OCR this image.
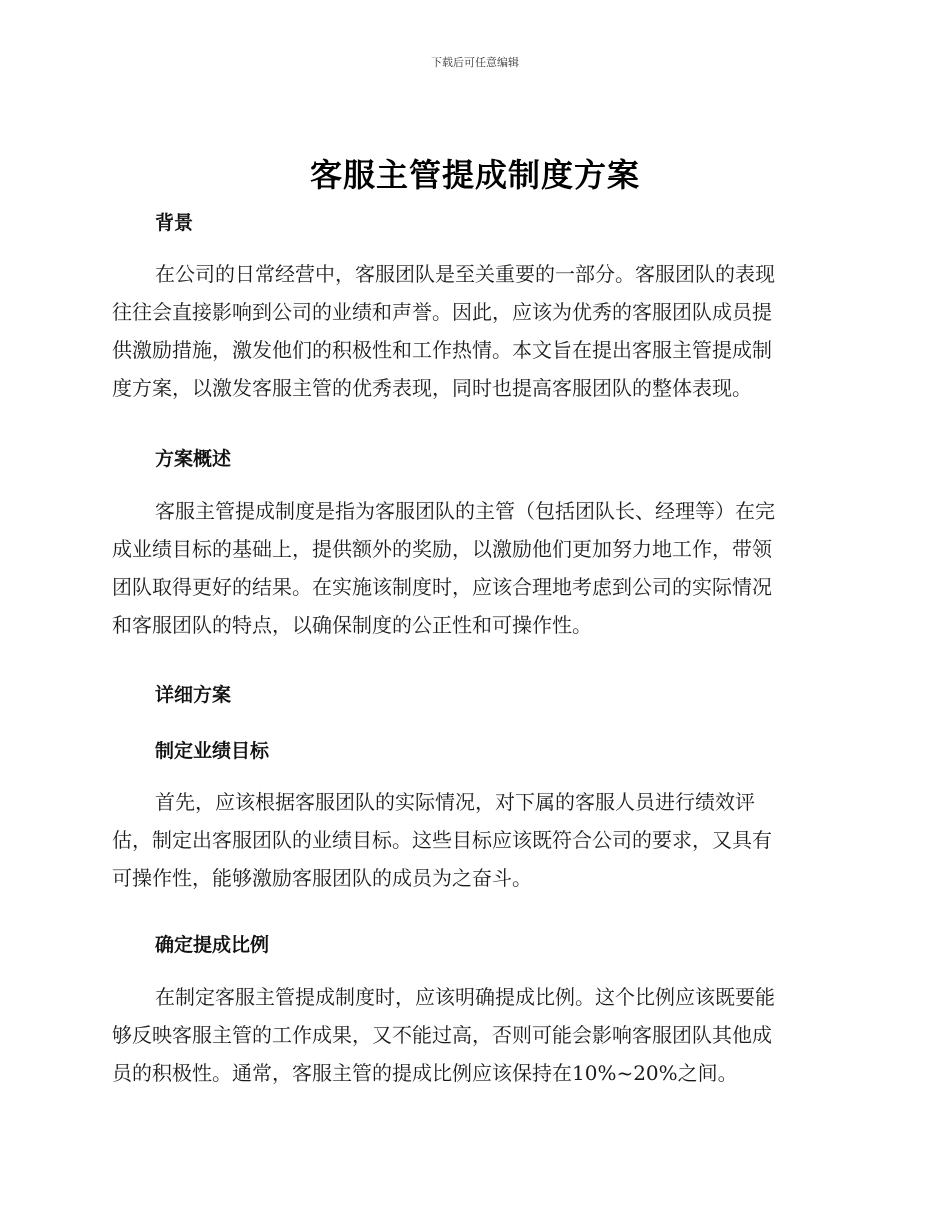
下载后可任意编辑
客服主管提成制度方案
背景

在公司的日常经营中，客服团队是至关重要的一部分。客服团队的表现
往往会直接影响到公司的业绩和声誉。因此，应该为优秀的客服团队成员提
供激励措施，激发他们的积极性和工作热情。本文旨在提出客服主管提成制
度方案，以激发客服主管的优秀表现，同时也提高客服团队的整体表现。

方案概述

客服主管提成制度是指为客服团队的主管（包括团队长、经理等）在完
成业绩目标的基础上，提供额外的奖励，以激励他们更加努力地工作，带领
团队取得更好的结果。在实施该制度时，应该合理地考虑到公司的实际情况
和客服团队的特点，以确保制度的公正性和可操作性。

详细方案
制定业绩目标

首先，应该根据客服团队的实际情况，对下属的客服人员进行绩效评
估，制定出客服团队的业绩目标。这些目标应该既符合公司的要求，又具有
可操作性，能够激励客服团队的成员为之奋斗。

确定提成比例

在制定客服主管提成制度时，应该明确提成比例。这个比例应该既要能
够反映客服主管的工作成果，又不能过高，否则可能会影响客服团队其他成
员的积极性。通常，客服主管的提成比例应该保持在10%~20%之间。
